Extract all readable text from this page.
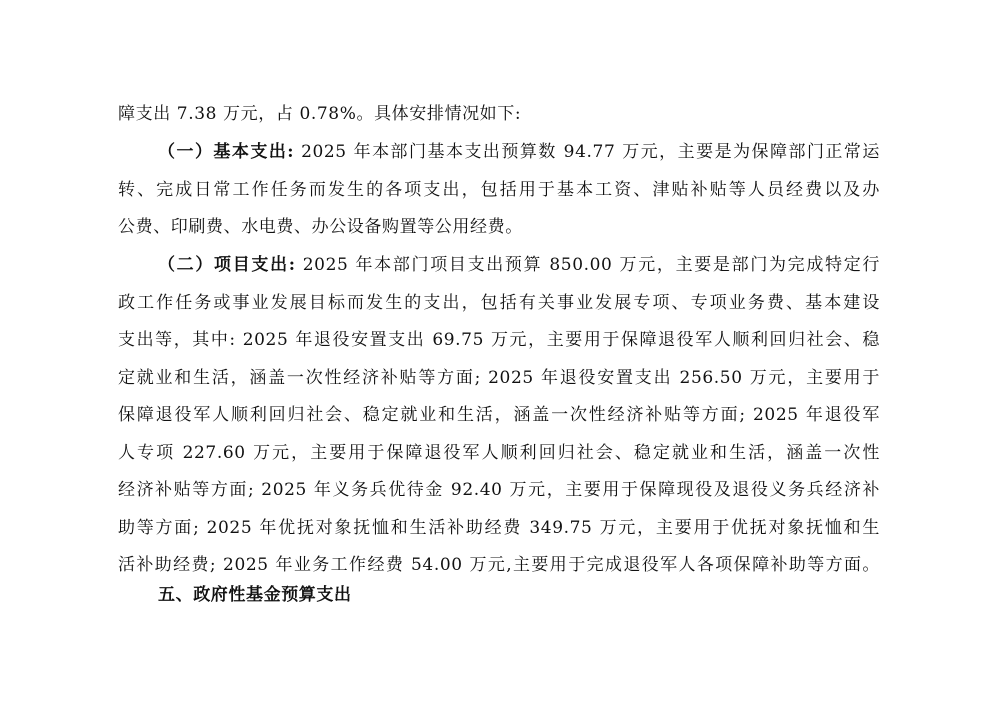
障支出 7.38 万元，占 0.78%。具体安排情况如下:
（一）基本支出: 2025 年本部门基本支出预算数 94.77 万元，主要是为保障部门正常运
转、完成日常工作任务而发生的各项支出，包括用于基本工资、津贴补贴等人员经费以及办
公费、印刷费、水电费、办公设备购置等公用经费。
（二）项目支出: 2025 年本部门项目支出预算 850.00 万元，主要是部门为完成特定行
政工作任务或事业发展目标而发生的支出，包括有关事业发展专项、专项业务费、基本建设
支出等，其中: 2025 年退役安置支出 69.75 万元，主要用于保障退役军人顺利回归社会、稳
定就业和生活，涵盖一次性经济补贴等方面; 2025 年退役安置支出 256.50 万元，主要用于
保障退役军人顺利回归社会、稳定就业和生活，涵盖一次性经济补贴等方面; 2025 年退役军
人专项 227.60 万元，主要用于保障退役军人顺利回归社会、稳定就业和生活，涵盖一次性
经济补贴等方面; 2025 年义务兵优待金 92.40 万元，主要用于保障现役及退役义务兵经济补
助等方面; 2025 年优抚对象抚恤和生活补助经费 349.75 万元，主要用于优抚对象抚恤和生
活补助经费; 2025 年业务工作经费 54.00 万元,主要用于完成退役军人各项保障补助等方面。
五、政府性基金预算支出
